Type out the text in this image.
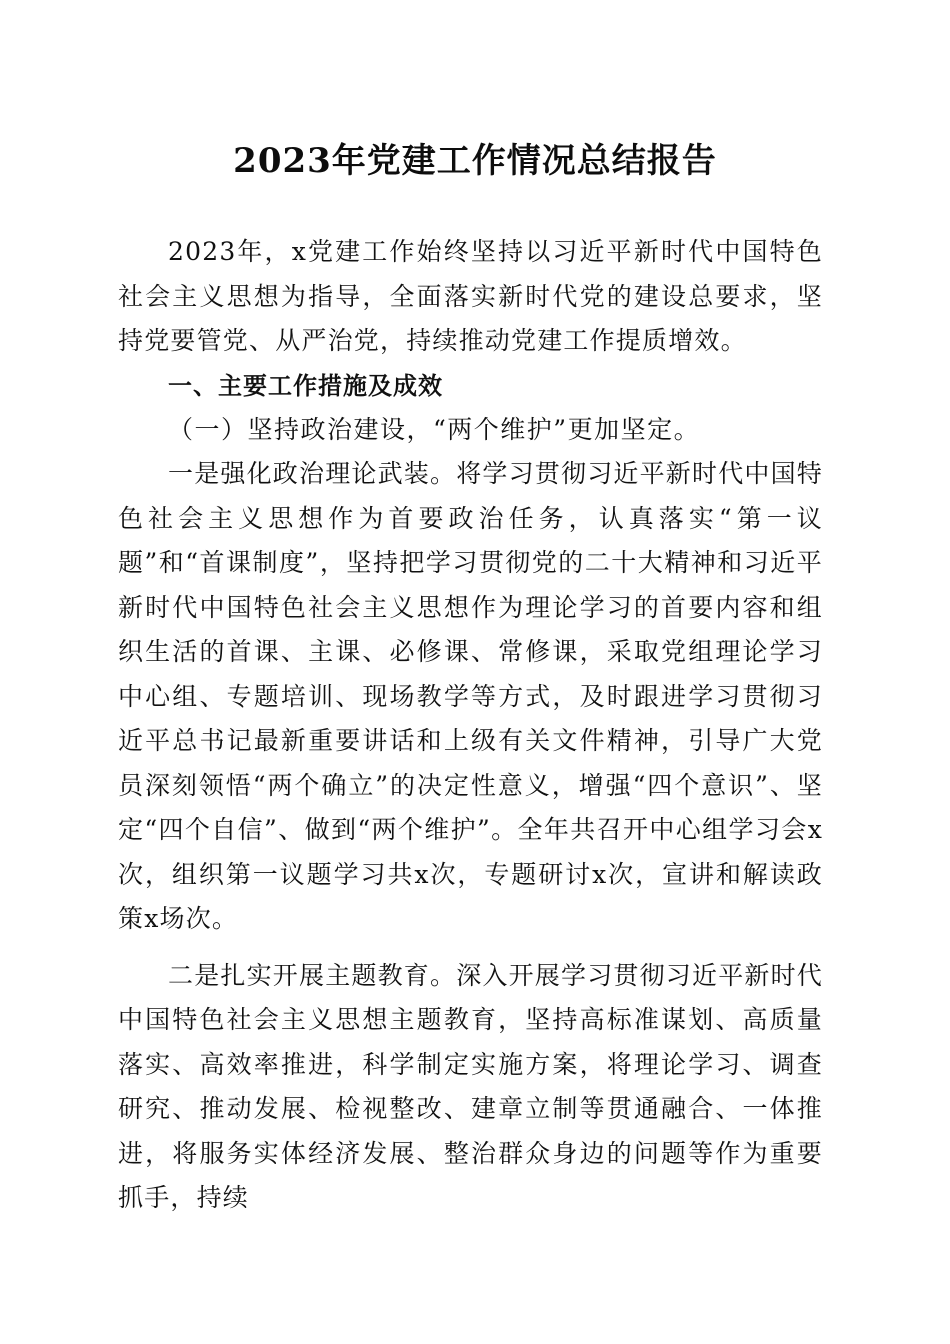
2023年党建工作情况总结报告

2023年，x党建工作始终坚持以习近平新时代中国特色社会主义思想为指导，全面落实新时代党的建设总要求，坚持党要管党、从严治党，持续推动党建工作提质增效。

一、主要工作措施及成效

（一）坚持政治建设，“两个维护”更加坚定。

一是强化政治理论武装。将学习贯彻习近平新时代中国特色社会主义思想作为首要政治任务，认真落实“第一议题”和“首课制度”，坚持把学习贯彻党的二十大精神和习近平新时代中国特色社会主义思想作为理论学习的首要内容和组织生活的首课、主课、必修课、常修课，采取党组理论学习中心组、专题培训、现场教学等方式，及时跟进学习贯彻习近平总书记最新重要讲话和上级有关文件精神，引导广大党员深刻领悟“两个确立”的决定性意义，增强“四个意识”、坚定“四个自信”、做到“两个维护”。全年共召开中心组学习会x次，组织第一议题学习共x次，专题研讨x次，宣讲和解读政策x场次。

二是扎实开展主题教育。深入开展学习贯彻习近平新时代中国特色社会主义思想主题教育，坚持高标准谋划、高质量落实、高效率推进，科学制定实施方案，将理论学习、调查研究、推动发展、检视整改、建章立制等贯通融合、一体推进，将服务实体经济发展、整治群众身边的问题等作为重要抓手，持续
